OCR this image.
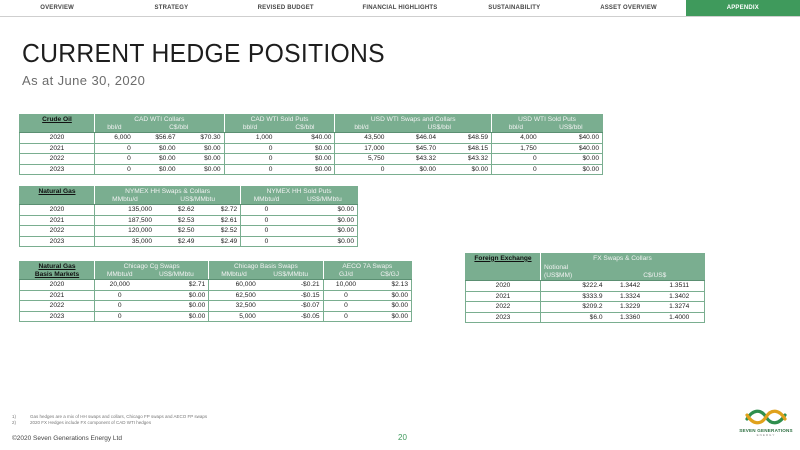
OVERVIEW	STRATEGY	REVISED BUDGET	FINANCIAL HIGHLIGHTS	SUSTAINABILITY	ASSET OVERVIEW	APPENDIX
CURRENT HEDGE POSITIONS
As at June 30, 2020
Crude Oil	CAD WTI Collars			CAD WTI Sold Puts		USD WTI Swaps and Collars			USD WTI Sold Puts	
	bbl/d	C$/bbl		bbl/d	C$/bbl	bbl/d	US$/bbl		bbl/d	US$/bbl
2020	6,000	$56.67	$70.30	1,000	$40.00	43,500	$46.04	$48.59	4,000	$40.00
2021	0	$0.00	$0.00	0	$0.00	17,000	$45.70	$48.15	1,750	$40.00
2022	0	$0.00	$0.00	0	$0.00	5,750	$43.32	$43.32	0	$0.00
2023	0	$0.00	$0.00	0	$0.00	0	$0.00	$0.00	0	$0.00
Natural Gas	NYMEX HH Swaps & Collars			NYMEX HH Sold Puts	
	MMbtu/d	US$/MMbtu		MMbtu/d	US$/MMbtu
2020	135,000	$2.62	$2.72	0	$0.00
2021	187,500	$2.53	$2.61	0	$0.00
2022	120,000	$2.50	$2.52	0	$0.00
2023	35,000	$2.49	$2.49	0	$0.00
Natural Gas	Chicago Cg Swaps		Chicago Basis Swaps		AECO 7A Swaps	
Basis Markets	MMbtu/d	US$/MMbtu	MMbtu/d	US$/MMbtu	GJ/d	C$/GJ
2020	20,000	$2.71	60,000	-$0.21	10,000	$2.13
2021	0	$0.00	62,500	-$0.15	0	$0.00
2022	0	$0.00	32,500	-$0.07	0	$0.00
2023	0	$0.00	5,000	-$0.05	0	$0.00
Foreign Exchange	FX Swaps & Collars		
	Notional		
	(US$MM)	C$/US$	
2020	$222.4	1.3442	1.3511
2021	$333.9	1.3324	1.3402
2022	$209.2	1.3229	1.3274
2023	$6.0	1.3360	1.4000
1)	Gas hedges are a mix of HH swaps and collars, Chicago FP swaps and AECO FP swaps
2)	2020 FX Hedges include FX component of CAD WTI hedges
©2020 Seven Generations Energy Ltd	20
SEVEN GENERATIONS
ENERGY
